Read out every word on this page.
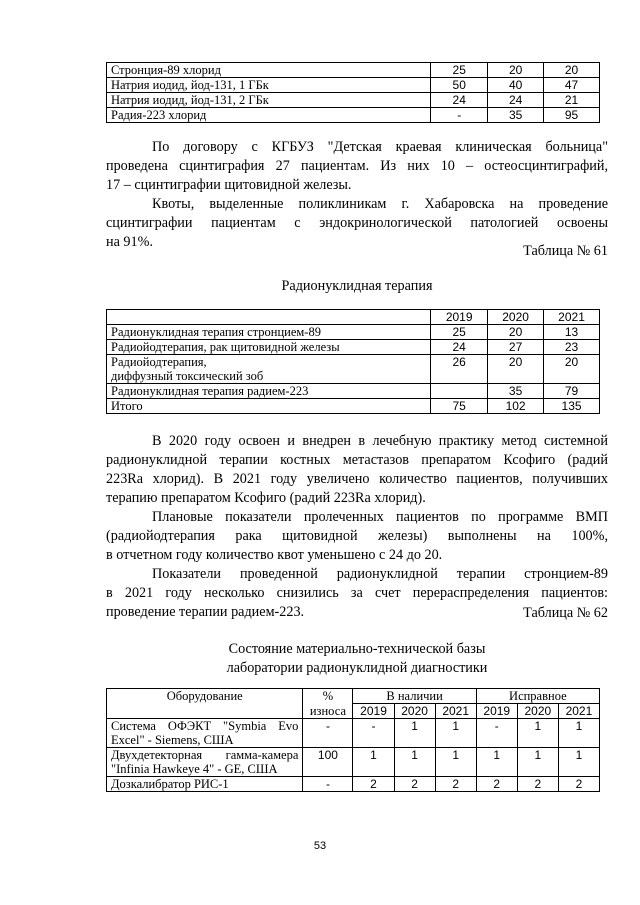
Стронция-89 хлорид	25	20	20
Натрия иодид, йод-131, 1 ГБк	50	40	47
Натрия иодид, йод-131, 2 ГБк	24	24	21
Радия-223 хлорид	-	35	95
По договору с КГБУЗ "Детская краевая клиническая больница"
проведена сцинтиграфия 27 пациентам. Из них 10 – остеосцинтиграфий,
17 – сцинтиграфии щитовидной железы.
Квоты, выделенные поликлиникам г. Хабаровска на проведение
сцинтиграфии пациентам с эндокринологической патологией освоены
на 91%.
Таблица № 61
Радионуклидная терапия
	2019	2020	2021
Радионуклидная терапия стронцием-89	25	20	13
Радиойодтерапия, рак щитовидной железы	24	27	23

Радиойодтерапия,
диффузный токсический зоб	26	20	20
Радионуклидная терапия радием-223		35	79
Итого	75	102	135
В 2020 году освоен и внедрен в лечебную практику метод системной
радионуклидной терапии костных метастазов препаратом Ксофиго (радий
223Ra хлорид). В 2021 году увеличено количество пациентов, получивших
терапию препаратом Ксофиго (радий 223Ra хлорид).
Плановые показатели пролеченных пациентов по программе ВМП
(радиойодтерапия рака щитовидной железы) выполнены на 100%,
в отчетном году количество квот уменьшено с 24 до 20.
Показатели проведенной радионуклидной терапии стронцием-89
в 2021 году несколько снизились за счет перераспределения пациентов:
проведение терапии радием-223.	Таблица № 62
Состояние материально-технической базы
лаборатории радионуклидной диагностики
Оборудование	%	В наличии			Исправное		
	износа	2019	2020	2021	2019	2020	2021

Система ОФЭКТ "Symbia Evo
Excel" - Siemens, США	-	-	1	1	-	1	1

Двухдетекторная гамма-камера
"Infinia Hawkeye 4" - GE, США	100	1	1	1	1	1	1
Дозкалибратор РИС-1	-	2	2	2	2	2	2
53
